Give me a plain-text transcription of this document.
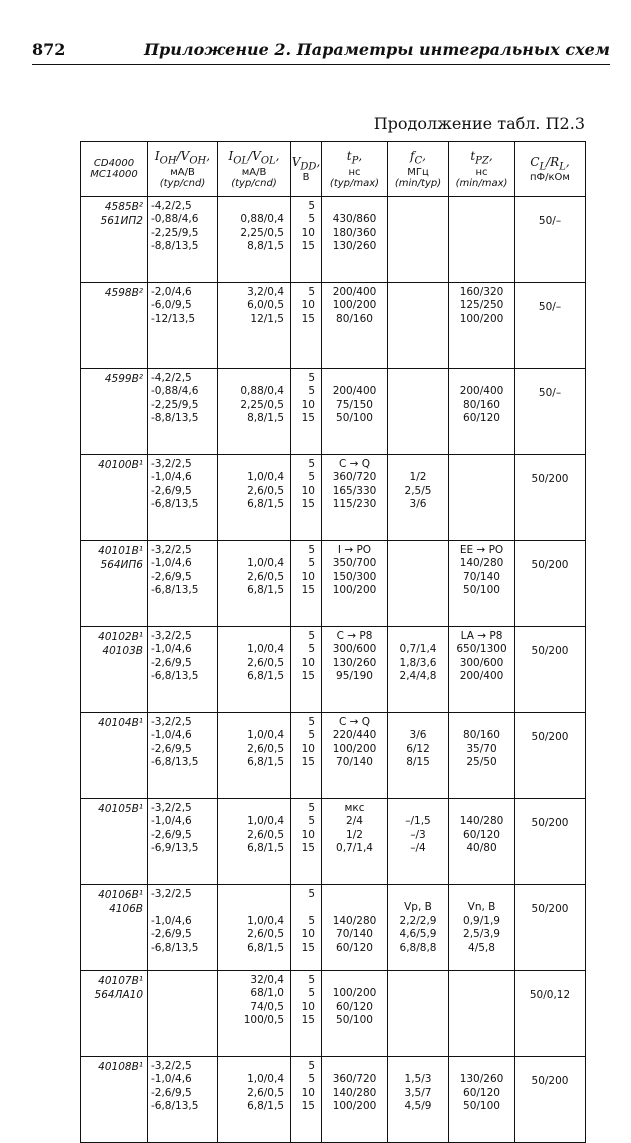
872	Приложение 2. Параметры интегральных схем
Продолжение табл. П2.3
CD4000
MC14000	$I_{OH}/V_{OH}$,
мА/В
(typ/cnd)	$I_{OL}/V_{OL}$,
мА/В
(typ/cnd)	$V_{DD}$,
В	$t_P$,
нс
(typ/max)	$f_C$,
МГц
(min/typ)	$t_{PZ}$,
нс
(min/max)	$C_L/R_L$,
пФ/кОм

4585B²
561ИП2	-4,2/2,5
-0,88/4,6
-2,25/9,5
-8,8/13,5	0,88/0,4
2,25/0,5
8,8/1,5	5
5
10
15	430/860
180/360
130/260			50/–

4598B²	-2,0/4,6
-6,0/9,5
-12/13,5	3,2/0,4
6,0/0,5
12/1,5	5
10
15	200/400
100/200
80/160		160/320
125/250
100/200	50/–

4599B²	-4,2/2,5
-0,88/4,6
-2,25/9,5
-8,8/13,5	0,88/0,4
2,25/0,5
8,8/1,5	5
5
10
15	200/400
75/150
50/100		200/400
80/160
60/120	50/–

40100B¹	-3,2/2,5
-1,0/4,6
-2,6/9,5
-6,8/13,5	1,0/0,4
2,6/0,5
6,8/1,5	5
5
10
15	C → Q
360/720
165/330
115/230	1/2
2,5/5
3/6		50/200

40101B¹
564ИП6	-3,2/2,5
-1,0/4,6
-2,6/9,5
-6,8/13,5	1,0/0,4
2,6/0,5
6,8/1,5	5
5
10
15	I → PO
350/700
150/300
100/200		EE → PO
140/280
70/140
50/100	50/200

40102B¹
40103B	-3,2/2,5
-1,0/4,6
-2,6/9,5
-6,8/13,5	1,0/0,4
2,6/0,5
6,8/1,5	5
5
10
15	C → P8
300/600
130/260
95/190	0,7/1,4
1,8/3,6
2,4/4,8	LA → P8
650/1300
300/600
200/400	50/200

40104B¹	-3,2/2,5
-1,0/4,6
-2,6/9,5
-6,8/13,5	1,0/0,4
2,6/0,5
6,8/1,5	5
5
10
15	C → Q
220/440
100/200
70/140	3/6
6/12
8/15	80/160
35/70
25/50	50/200

40105B¹	-3,2/2,5
-1,0/4,6
-2,6/9,5
-6,9/13,5	1,0/0,4
2,6/0,5
6,8/1,5	5
5
10
15	мкс
2/4
1/2
0,7/1,4	–/1,5
–/3
–/4	140/280
60/120
40/80	50/200

40106B¹
4106B	-3,2/2,5

-1,0/4,6
-2,6/9,5
-6,8/13,5	1,0/0,4
2,6/0,5
6,8/1,5	5

5
10
15	140/280
70/140
60/120	Vp, В
2,2/2,9
4,6/5,9
6,8/8,8	Vn, В
0,9/1,9
2,5/3,9
4/5,8	50/200

40107B¹
564ЛА10		32/0,4
68/1,0
74/0,5
100/0,5	5
5
10
15	100/200
60/120
50/100			50/0,12

40108B¹	-3,2/2,5
-1,0/4,6
-2,6/9,5
-6,8/13,5	1,0/0,4
2,6/0,5
6,8/1,5	5
5
10
15	360/720
140/280
100/200	1,5/3
3,5/7
4,5/9	130/260
60/120
50/100	50/200
